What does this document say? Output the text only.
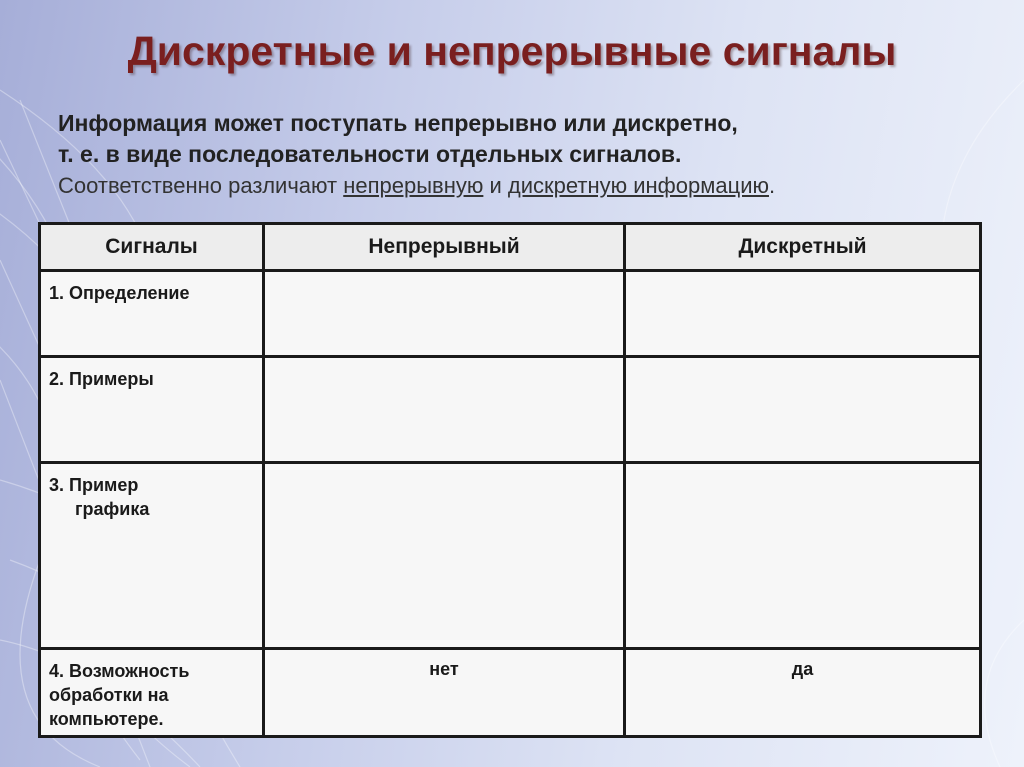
Дискретные и непрерывные сигналы
Информация может поступать непрерывно или дискретно,
т. е. в виде последовательности отдельных сигналов.
Соответственно различают непрерывную и дискретную информацию.
Сигналы	Непрерывный	Дискретный
1. Определение		
2. Примеры		
3. Пример
графика		

4. Возможность обработки на компьютере.	нет	да
